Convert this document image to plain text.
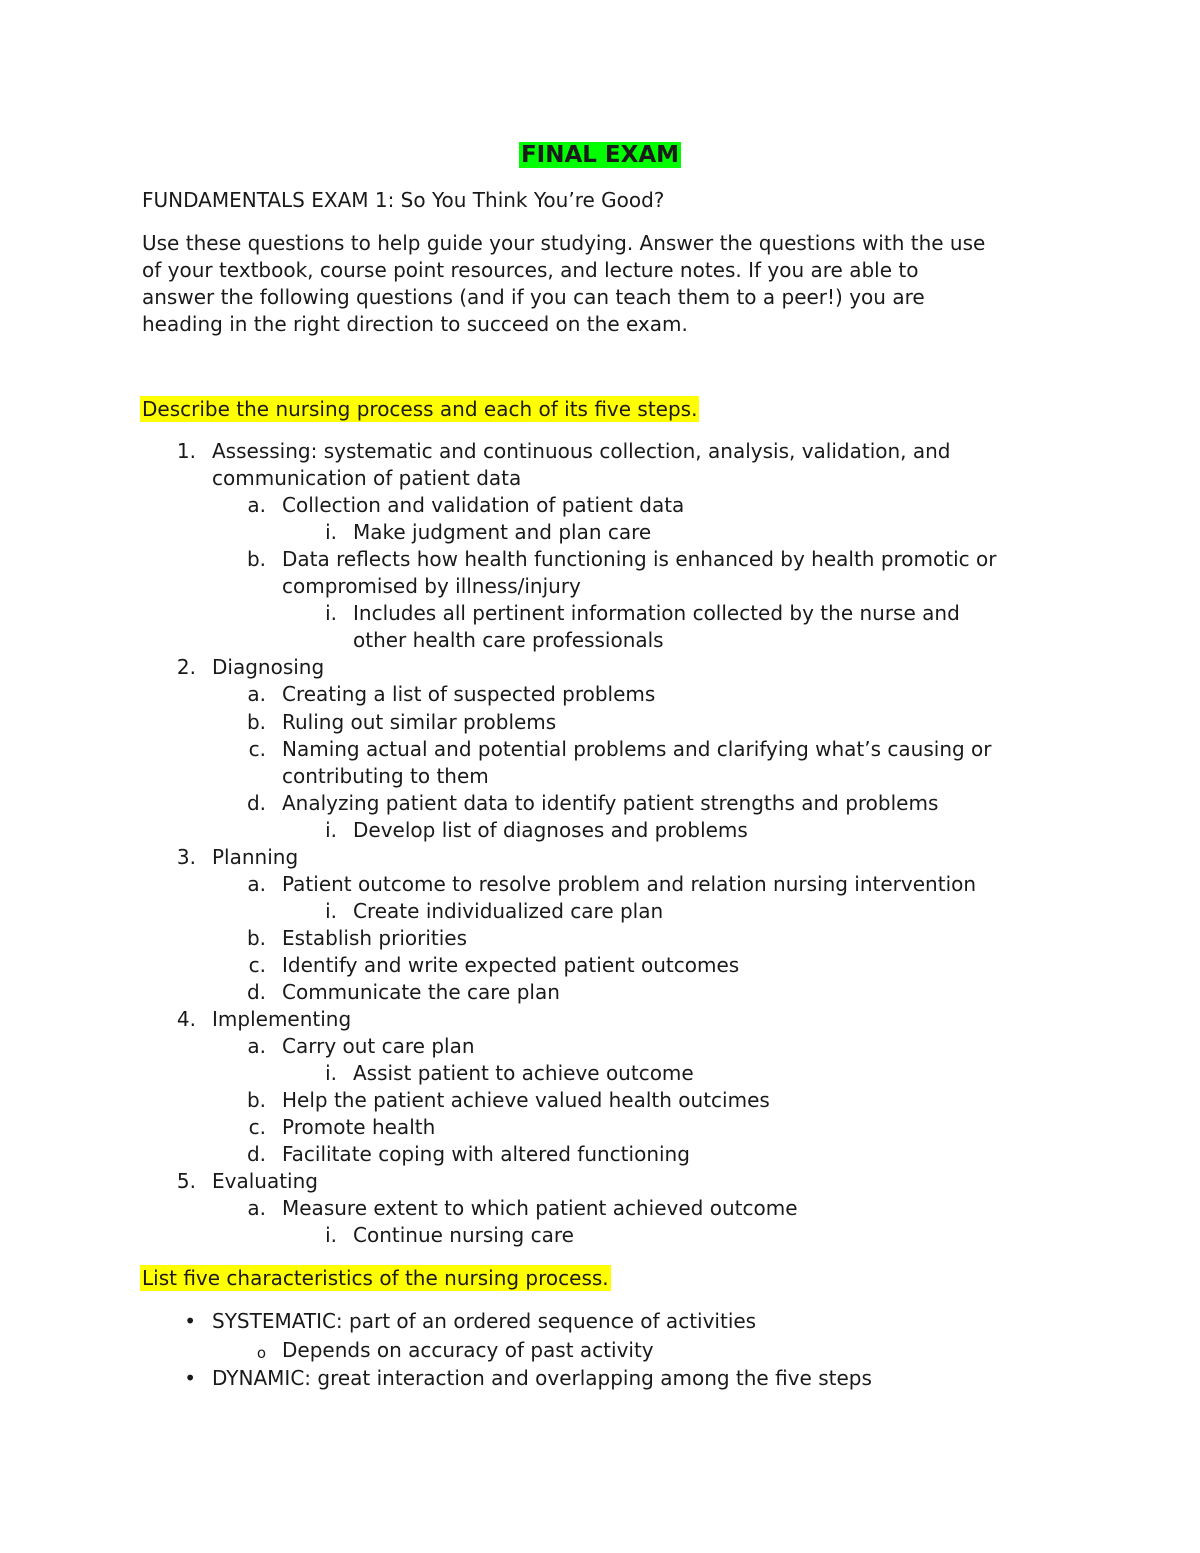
FINAL EXAM
FUNDAMENTALS EXAM 1: So You Think You’re Good?
Use these questions to help guide your studying. Answer the questions with the use
of your textbook, course point resources, and lecture notes. If you are able to
answer the following questions (and if you can teach them to a peer!) you are
heading in the right direction to succeed on the exam.
Describe the nursing process and each of its five steps.
1. Assessing: systematic and continuous collection, analysis, validation, and
communication of patient data
a. Collection and validation of patient data
i. Make judgment and plan care
b. Data reflects how health functioning is enhanced by health promotic or
compromised by illness/injury
i. Includes all pertinent information collected by the nurse and
other health care professionals
2. Diagnosing
a. Creating a list of suspected problems
b. Ruling out similar problems
c. Naming actual and potential problems and clarifying what’s causing or
contributing to them
d. Analyzing patient data to identify patient strengths and problems
i. Develop list of diagnoses and problems
3. Planning
a. Patient outcome to resolve problem and relation nursing intervention
i. Create individualized care plan
b. Establish priorities
c. Identify and write expected patient outcomes
d. Communicate the care plan
4. Implementing
a. Carry out care plan
i. Assist patient to achieve outcome
b. Help the patient achieve valued health outcimes
c. Promote health
d. Facilitate coping with altered functioning
5. Evaluating
a. Measure extent to which patient achieved outcome
i. Continue nursing care
List five characteristics of the nursing process.
• SYSTEMATIC: part of an ordered sequence of activities
o Depends on accuracy of past activity
• DYNAMIC: great interaction and overlapping among the five steps
